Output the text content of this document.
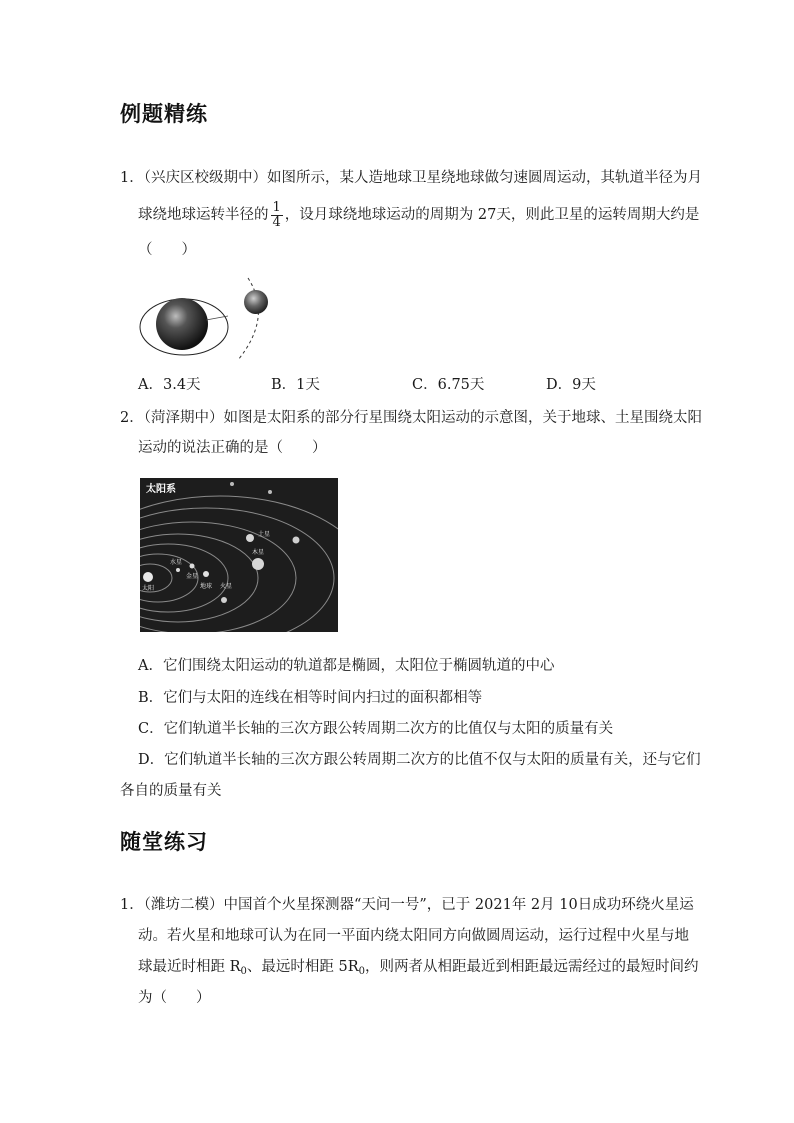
例题精练
1．（兴庆区校级期中）如图所示，某人造地球卫星绕地球做匀速圆周运动，其轨道半径为月
球绕地球运转半径的 $\frac{1}{4}$ ，设月球绕地球运动的周期为 27天，则此卫星的运转周期大约是
（　　）
A．3.4天	B．1天	C．6.75天	D．9天
2．（菏泽期中）如图是太阳系的部分行星围绕太阳运动的示意图，关于地球、土星围绕太阳
运动的说法正确的是（　　）
太阳系
太阳
水星
金星
地球 火星
木星
土星
A．它们围绕太阳运动的轨道都是椭圆，太阳位于椭圆轨道的中心
B．它们与太阳的连线在相等时间内扫过的面积都相等
C．它们轨道半长轴的三次方跟公转周期二次方的比值仅与太阳的质量有关
D．它们轨道半长轴的三次方跟公转周期二次方的比值不仅与太阳的质量有关，还与它们
各自的质量有关
随堂练习
1．（潍坊二模）中国首个火星探测器“天问一号”，已于 2021年 2月 10日成功环绕火星运
动。若火星和地球可认为在同一平面内绕太阳同方向做圆周运动，运行过程中火星与地
球最近时相距 $R_0$、最远时相距 $5R_0$，则两者从相距最近到相距最远需经过的最短时间约
为（　　）
